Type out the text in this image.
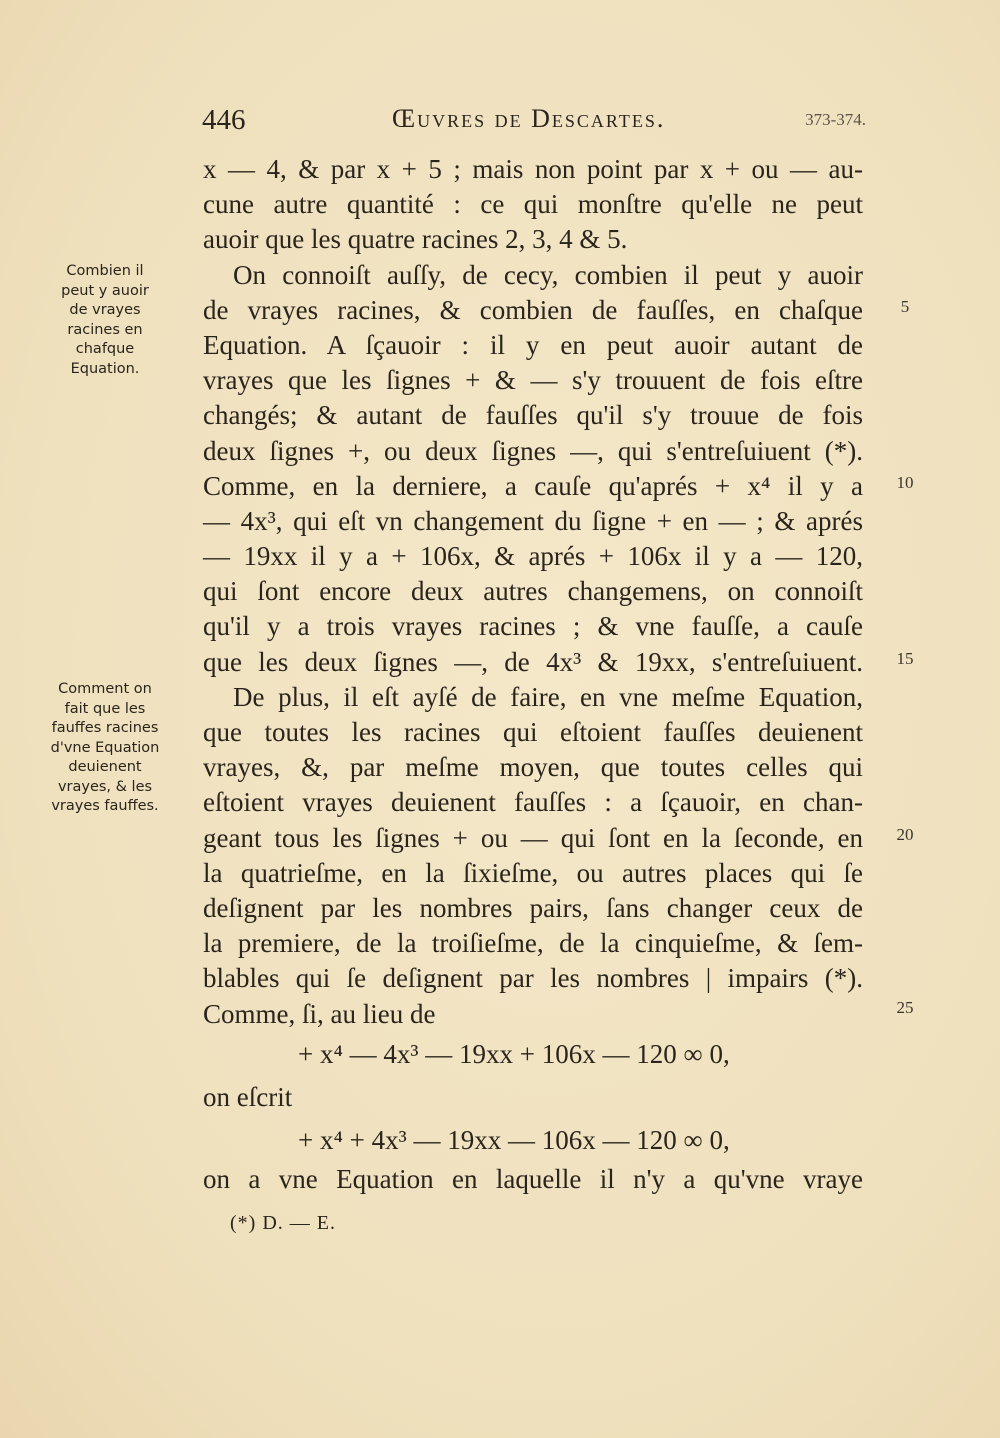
446	Œuvres de Descartes.	373-374.
Combien il
peut y auoir
de vrayes
racines en
chafque
Equation.
Comment on
fait que les
fauffes racines
d'vne Equation
deuienent
vrayes, & les
vrayes fauffes.
x — 4, & par x + 5 ; mais non point par x + ou — au-
cune autre quantité : ce qui monſtre qu'elle ne peut
auoir que les quatre racines 2, 3, 4 & 5.
On connoiſt auſſy, de cecy, combien il peut y auoir
de vrayes racines, & combien de fauſſes, en chaſque
Equation. A ſçauoir : il y en peut auoir autant de
vrayes que les ſignes + & — s'y trouuent de fois eſtre
changés; & autant de fauſſes qu'il s'y trouue de fois
deux ſignes +, ou deux ſignes —, qui s'entreſuiuent (*).
Comme, en la derniere, a cauſe qu'aprés + x⁴ il y a
— 4x³, qui eſt vn changement du ſigne + en — ; & aprés
— 19xx il y a + 106x, & aprés + 106x il y a — 120,
qui ſont encore deux autres changemens, on connoiſt
qu'il y a trois vrayes racines ; & vne fauſſe, a cauſe
que les deux ſignes —, de 4x³ & 19xx, s'entreſuiuent.
De plus, il eſt ayſé de faire, en vne meſme Equation,
que toutes les racines qui eſtoient fauſſes deuienent
vrayes, &, par meſme moyen, que toutes celles qui
eſtoient vrayes deuienent fauſſes : a ſçauoir, en chan-
geant tous les ſignes + ou — qui ſont en la ſeconde, en
la quatrieſme, en la ſixieſme, ou autres places qui ſe
deſignent par les nombres pairs, ſans changer ceux de
la premiere, de la troiſieſme, de la cinquieſme, & ſem-
blables qui ſe deſignent par les nombres | impairs (*).
Comme, ſi, au lieu de
+ x⁴ — 4x³ — 19xx + 106x — 120 ∞ 0,
on eſcrit
+ x⁴ + 4x³ — 19xx — 106x — 120 ∞ 0,
on a vne Equation en laquelle il n'y a qu'vne vraye
5
10
15
20
25
(*) D. — E.
